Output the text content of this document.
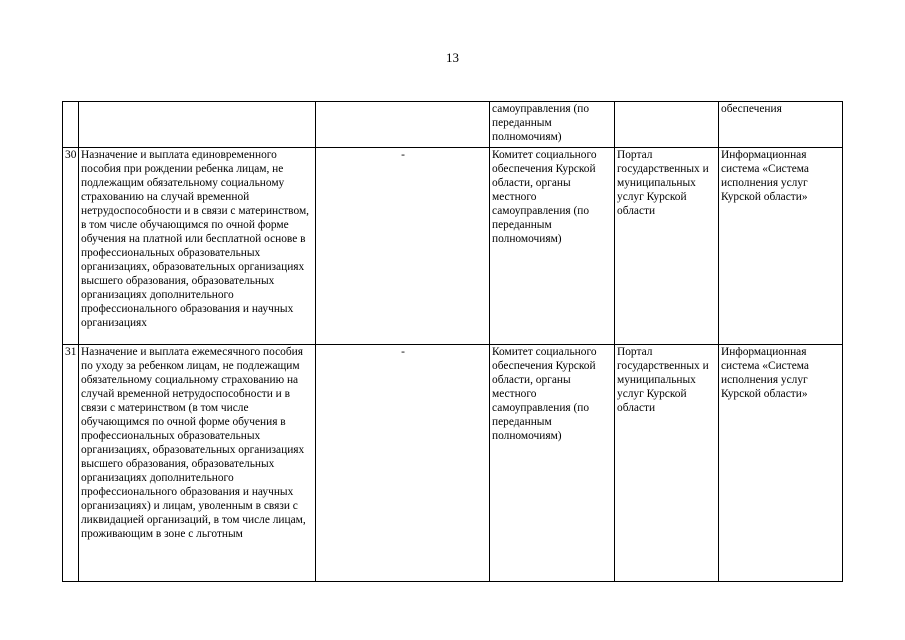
13
			самоуправления (по переданным полномочиям)		обеспечения
30	Назначение и выплата единовременного пособия при рождении ребенка лицам, не подлежащим обязательному социальному страхованию на случай временной нетрудоспособности и в связи с материнством, в том числе обучающимся по очной форме обучения на платной или бесплатной основе в профессиональных образовательных организациях, образовательных организациях высшего образования, образовательных организациях дополнительного профессионального образования и научных организациях	-	Комитет социального обеспечения Курской области, органы местного самоуправления (по переданным полномочиям)	Портал государственных и муниципальных услуг Курской области	Информационная система «Система исполнения услуг Курской области»
31	Назначение и выплата ежемесячного пособия по уходу за ребенком лицам, не подлежащим обязательному социальному страхованию на случай временной нетрудоспособности и в связи с материнством (в том числе обучающимся по очной форме обучения в профессиональных образовательных организациях, образовательных организациях высшего образования, образовательных организациях дополнительного профессионального образования и научных организациях) и лицам, уволенным в связи с ликвидацией организаций, в том числе лицам, проживающим в зоне с льготным	-	Комитет социального обеспечения Курской области, органы местного самоуправления (по переданным полномочиям)	Портал государственных и муниципальных услуг Курской области	Информационная система «Система исполнения услуг Курской области»
